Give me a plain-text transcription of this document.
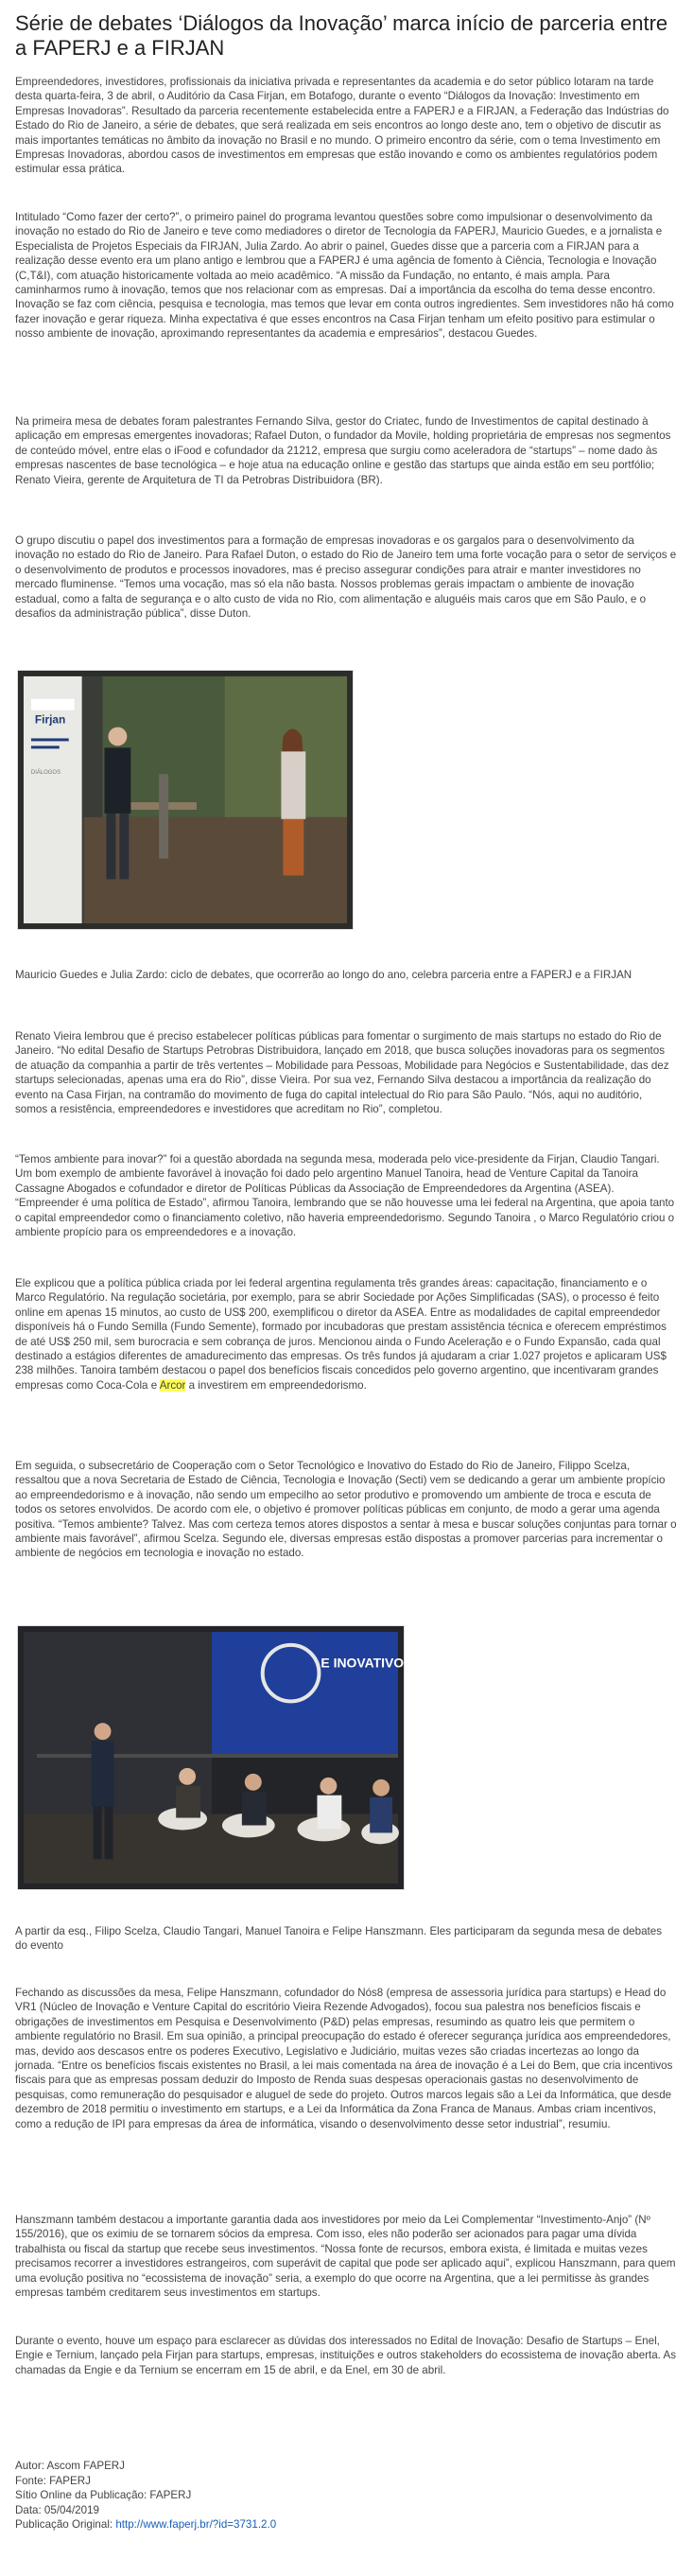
Série de debates ‘Diálogos da Inovação’ marca início de parceria entre a FAPERJ e a FIRJAN

Empreendedores, investidores, profissionais da iniciativa privada e representantes da academia e do setor público lotaram na tarde desta quarta-feira, 3 de abril, o Auditório da Casa Firjan, em Botafogo, durante o evento “Diálogos da Inovação: Investimento em Empresas Inovadoras”. Resultado da parceria recentemente estabelecida entre a FAPERJ e a FIRJAN, a Federação das Indústrias do Estado do Rio de Janeiro, a série de debates, que será realizada em seis encontros ao longo deste ano, tem o objetivo de discutir as mais importantes temáticas no âmbito da inovação no Brasil e no mundo. O primeiro encontro da série, com o tema Investimento em Empresas Inovadoras, abordou casos de investimentos em empresas que estão inovando e como os ambientes regulatórios podem estimular essa prática.

Intitulado “Como fazer der certo?”, o primeiro painel do programa levantou questões sobre como impulsionar o desenvolvimento da inovação no estado do Rio de Janeiro e teve como mediadores o diretor de Tecnologia da FAPERJ, Mauricio Guedes, e a jornalista e Especialista de Projetos Especiais da FIRJAN, Julia Zardo. Ao abrir o painel, Guedes disse que a parceria com a FIRJAN para a realização desse evento era um plano antigo e lembrou que a FAPERJ é uma agência de fomento à Ciência, Tecnologia e Inovação (C,T&I), com atuação historicamente voltada ao meio acadêmico. “A missão da Fundação, no entanto, é mais ampla. Para caminharmos rumo à inovação, temos que nos relacionar com as empresas. Daí a importância da escolha do tema desse encontro. Inovação se faz com ciência, pesquisa e tecnologia, mas temos que levar em conta outros ingredientes. Sem investidores não há como fazer inovação e gerar riqueza. Minha expectativa é que esses encontros na Casa Firjan tenham um efeito positivo para estimular o nosso ambiente de inovação, aproximando representantes da academia e empresários”, destacou Guedes.

Na primeira mesa de debates foram palestrantes Fernando Silva, gestor do Criatec, fundo de Investimentos de capital destinado à aplicação em empresas emergentes inovadoras; Rafael Duton, o fundador da Movile, holding proprietária de empresas nos segmentos de conteúdo móvel, entre elas o iFood e cofundador da 21212, empresa que surgiu como aceleradora de “startups” – nome dado às empresas nascentes de base tecnológica – e hoje atua na educação online e gestão das startups que ainda estão em seu portfólio; Renato Vieira, gerente de Arquitetura de TI da Petrobras Distribuidora (BR).

O grupo discutiu o papel dos investimentos para a formação de empresas inovadoras e os gargalos para o desenvolvimento da inovação no estado do Rio de Janeiro. Para Rafael Duton, o estado do Rio de Janeiro tem uma forte vocação para o setor de serviços e o desenvolvimento de produtos e processos inovadores, mas é preciso assegurar condições para atrair e manter investidores no mercado fluminense. “Temos uma vocação, mas só ela não basta. Nossos problemas gerais impactam o ambiente de inovação estadual, como a falta de segurança e o alto custo de vida no Rio, com alimentação e aluguéis mais caros que em São Paulo, e o desafios da administração pública”, disse Duton.

Firjan
DIÁLOGOS

Mauricio Guedes e Julia Zardo: ciclo de debates, que ocorrerão ao longo do ano, celebra parceria entre a FAPERJ e a FIRJAN

Renato Vieira lembrou que é preciso estabelecer políticas públicas para fomentar o surgimento de mais startups no estado do Rio de Janeiro. “No edital Desafio de Startups Petrobras Distribuidora, lançado em 2018, que busca soluções inovadoras para os segmentos de atuação da companhia a partir de três vertentes – Mobilidade para Pessoas, Mobilidade para Negócios e Sustentabilidade, das dez startups selecionadas, apenas uma era do Rio”, disse Vieira. Por sua vez, Fernando Silva destacou a importância da realização do evento na Casa Firjan, na contramão do movimento de fuga do capital intelectual do Rio para São Paulo. “Nós, aqui no auditório, somos a resistência, empreendedores e investidores que acreditam no Rio”, completou.

“Temos ambiente para inovar?” foi a questão abordada na segunda mesa, moderada pelo vice-presidente da Firjan, Claudio Tangari. Um bom exemplo de ambiente favorável à inovação foi dado pelo argentino Manuel Tanoira, head de Venture Capital da Tanoira Cassagne Abogados e cofundador e diretor de Políticas Públicas da Associação de Empreendedores da Argentina (ASEA). “Empreender é uma política de Estado”, afirmou Tanoira, lembrando que se não houvesse uma lei federal na Argentina, que apoia tanto o capital empreendedor como o financiamento coletivo, não haveria empreendedorismo. Segundo Tanoira , o Marco Regulatório criou o ambiente propício para os empreendedores e a inovação.

Ele explicou que a política pública criada por lei federal argentina regulamenta três grandes áreas: capacitação, financiamento e o Marco Regulatório. Na regulação societária, por exemplo, para se abrir Sociedade por Ações Simplificadas (SAS), o processo é feito online em apenas 15 minutos, ao custo de US$ 200, exemplificou o diretor da ASEA. Entre as modalidades de capital empreendedor disponíveis há o Fundo Semilla (Fundo Semente), formado por incubadoras que prestam assistência técnica e oferecem empréstimos de até US$ 250 mil, sem burocracia e sem cobrança de juros. Mencionou ainda o Fundo Aceleração e o Fundo Expansão, cada qual destinado a estágios diferentes de amadurecimento das empresas. Os três fundos já ajudaram a criar 1.027 projetos e aplicaram US$ 238 milhões. Tanoira também destacou o papel dos benefícios fiscais concedidos pelo governo argentino, que incentivaram grandes empresas como Coca-Cola e Arcor a investirem em empreendedorismo.

Em seguida, o subsecretário de Cooperação com o Setor Tecnológico e Inovativo do Estado do Rio de Janeiro, Filippo Scelza, ressaltou que a nova Secretaria de Estado de Ciência, Tecnologia e Inovação (Secti) vem se dedicando a gerar um ambiente propício ao empreendedorismo e à inovação, não sendo um empecilho ao setor produtivo e promovendo um ambiente de troca e escuta de todos os setores envolvidos. De acordo com ele, o objetivo é promover políticas públicas em conjunto, de modo a gerar uma agenda positiva. “Temos ambiente? Talvez. Mas com certeza temos atores dispostos a sentar à mesa e buscar soluções conjuntas para tornar o ambiente mais favorável”, afirmou Scelza. Segundo ele, diversas empresas estão dispostas a promover parcerias para incrementar o ambiente de negócios em tecnologia e inovação no estado.

E INOVATIVO

A partir da esq., Filipo Scelza, Claudio Tangari, Manuel Tanoira e Felipe Hanszmann. Eles participaram da segunda mesa de debates do evento

Fechando as discussões da mesa, Felipe Hanszmann, cofundador do Nós8 (empresa de assessoria jurídica para startups) e Head do VR1 (Núcleo de Inovação e Venture Capital do escritório Vieira Rezende Advogados), focou sua palestra nos benefícios fiscais e obrigações de investimentos em Pesquisa e Desenvolvimento (P&D) pelas empresas, resumindo as quatro leis que permitem o ambiente regulatório no Brasil. Em sua opinião, a principal preocupação do estado é oferecer segurança jurídica aos empreendedores, mas, devido aos descasos entre os poderes Executivo, Legislativo e Judiciário, muitas vezes são criadas incertezas ao longo da jornada. “Entre os benefícios fiscais existentes no Brasil, a lei mais comentada na área de inovação é a Lei do Bem, que cria incentivos fiscais para que as empresas possam deduzir do Imposto de Renda suas despesas operacionais gastas no desenvolvimento de pesquisas, como remuneração do pesquisador e aluguel de sede do projeto. Outros marcos legais são a Lei da Informática, que desde dezembro de 2018 permitiu o investimento em startups, e a Lei da Informática da Zona Franca de Manaus. Ambas criam incentivos, como a redução de IPI para empresas da área de informática, visando o desenvolvimento desse setor industrial”, resumiu.

Hanszmann também destacou a importante garantia dada aos investidores por meio da Lei Complementar “Investimento-Anjo” (Nº 155/2016), que os eximiu de se tornarem sócios da empresa. Com isso, eles não poderão ser acionados para pagar uma dívida trabalhista ou fiscal da startup que recebe seus investimentos. “Nossa fonte de recursos, embora exista, é limitada e muitas vezes precisamos recorrer a investidores estrangeiros, com superávit de capital que pode ser aplicado aqui”, explicou Hanszmann, para quem uma evolução positiva no “ecossistema de inovação” seria, a exemplo do que ocorre na Argentina, que a lei permitisse às grandes empresas também creditarem seus investimentos em startups.

Durante o evento, houve um espaço para esclarecer as dúvidas dos interessados no Edital de Inovação: Desafio de Startups – Enel, Engie e Ternium, lançado pela Firjan para startups, empresas, instituições e outros stakeholders do ecossistema de inovação aberta. As chamadas da Engie e da Ternium se encerram em 15 de abril, e da Enel, em 30 de abril.

Autor: Ascom FAPERJ

Fonte: FAPERJ

Sítio Online da Publicação: FAPERJ

Data: 05/04/2019

Publicação Original: http://www.faperj.br/?id=3731.2.0
